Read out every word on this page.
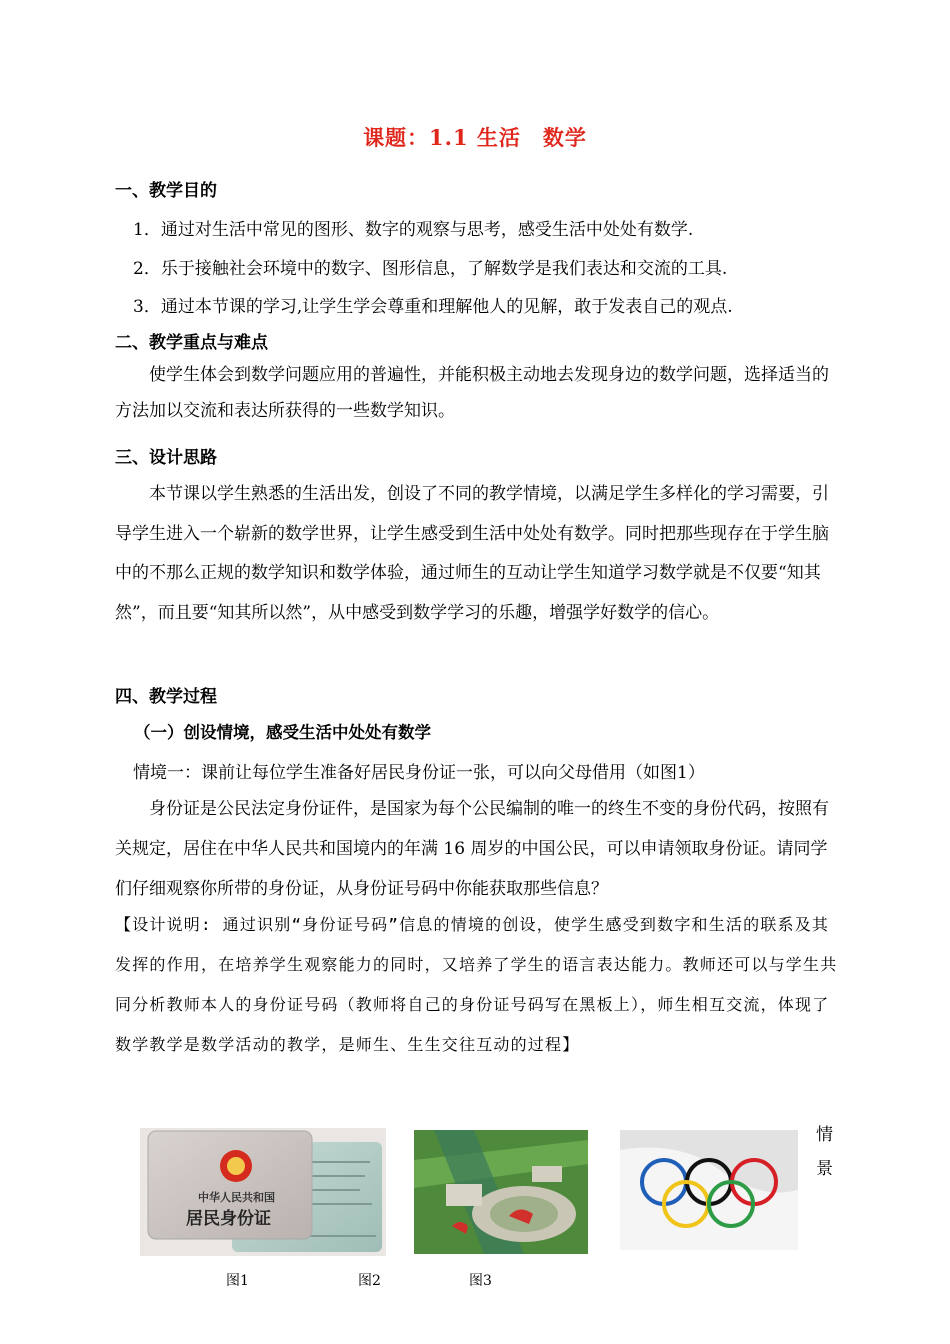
课题：1.1 生活　数学
一、教学目的
1．通过对生活中常见的图形、数字的观察与思考，感受生活中处处有数学.
2．乐于接触社会环境中的数字、图形信息，了解数学是我们表达和交流的工具.
3．通过本节课的学习,让学生学会尊重和理解他人的见解，敢于发表自己的观点.
二、教学重点与难点
使学生体会到数学问题应用的普遍性，并能积极主动地去发现身边的数学问题，选择适当的方法加以交流和表达所获得的一些数学知识。
三、设计思路
本节课以学生熟悉的生活出发，创设了不同的教学情境，以满足学生多样化的学习需要，引导学生进入一个崭新的数学世界，让学生感受到生活中处处有数学。同时把那些现存在于学生脑中的不那么正规的数学知识和数学体验，通过师生的互动让学生知道学习数学就是不仅要“知其然”，而且要“知其所以然”，从中感受到数学学习的乐趣，增强学好数学的信心。
四、教学过程
（一）创设情境，感受生活中处处有数学
情境一：课前让每位学生准备好居民身份证一张，可以向父母借用（如图1）
身份证是公民法定身份证件，是国家为每个公民编制的唯一的终生不变的身份代码，按照有关规定，居住在中华人民共和国境内的年满 16 周岁的中国公民，可以申请领取身份证。请同学们仔细观察你所带的身份证，从身份证号码中你能获取那些信息？
【设计说明: 通过识别“身份证号码”信息的情境的创设，使学生感受到数字和生活的联系及其发挥的作用，在培养学生观察能力的同时，又培养了学生的语言表达能力。教师还可以与学生共同分析教师本人的身份证号码（教师将自己的身份证号码写在黑板上），师生相互交流，体现了数学教学是数学活动的教学，是师生、生生交往互动的过程】
中华人民共和国
居民身份证
情
景
图1	图2	图3
